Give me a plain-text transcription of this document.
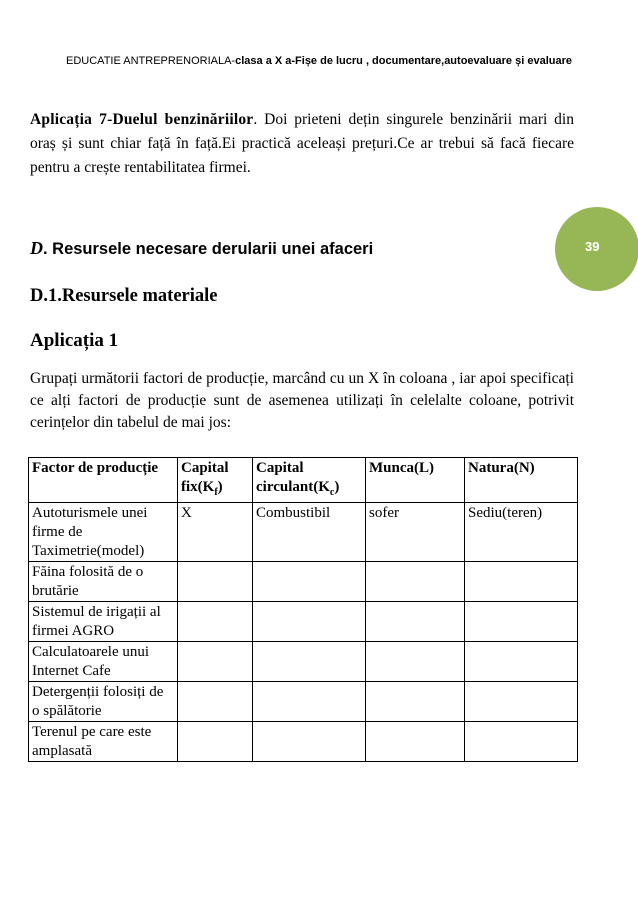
EDUCATIE ANTREPRENORIALA-clasa a X a-Fișe de lucru , documentare,autoevaluare și evaluare
Aplicația 7-Duelul benzinăriilor. Doi prieteni dețin singurele benzinării mari din oraș și sunt chiar față în față.Ei practică aceleași prețuri.Ce ar trebui să facă fiecare pentru a crește rentabilitatea firmei.
39
D. Resursele necesare derularii unei afaceri
D.1.Resursele materiale
Aplicația 1
Grupați următorii factori de producție, marcând cu un X în coloana , iar apoi specificați ce alți factori de producție sunt de asemenea utilizați în celelalte coloane, potrivit cerințelor din tabelul de mai jos:
Factor de producție	Capital $fix(K_f)$	Capital $circulant(K_c)$	Munca(L)	Natura(N)
Autoturismele unei firme de Taximetrie(model)	X	Combustibil	sofer	Sediu(teren)
Făina folosită de o brutărie				
Sistemul de irigații al firmei AGRO				
Calculatoarele unui Internet Cafe				
Detergenții folosiți de o spălătorie				
Terenul pe care este amplasată				
